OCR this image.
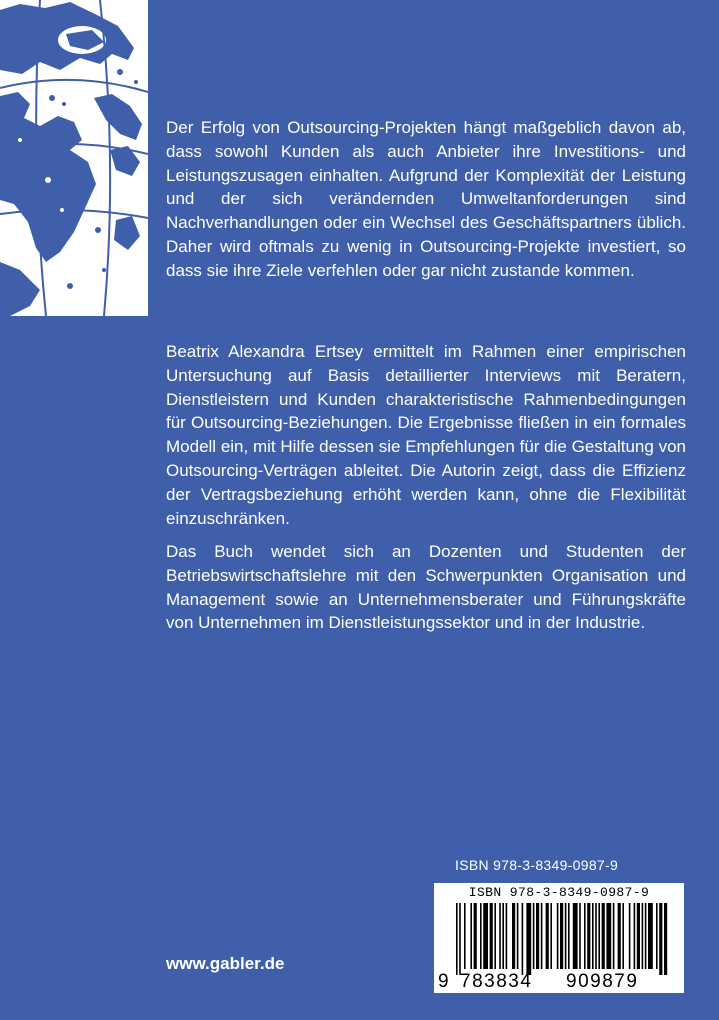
Der Erfolg von Outsourcing-Projekten hängt maßgeblich davon ab, dass sowohl Kunden als auch Anbieter ihre Investitions- und Leistungszusagen einhalten. Aufgrund der Komplexität der Leistung und der sich verändernden Umweltanforderungen sind Nachverhandlungen oder ein Wechsel des Geschäftspartners üblich. Daher wird oftmals zu wenig in Outsourcing-Projekte investiert, so dass sie ihre Ziele verfehlen oder gar nicht zustande kommen.

Beatrix Alexandra Ertsey ermittelt im Rahmen einer empirischen Untersuchung auf Basis detaillierter Interviews mit Beratern, Dienstleistern und Kunden charakteristische Rahmenbedingungen für Outsourcing-Beziehungen. Die Ergebnisse fließen in ein formales Modell ein, mit Hilfe dessen sie Empfehlungen für die Gestaltung von Outsourcing-Verträgen ableitet. Die Autorin zeigt, dass die Effizienz der Vertragsbeziehung erhöht werden kann, ohne die Flexibilität einzuschränken.

Das Buch wendet sich an Dozenten und Studenten der Betriebswirtschaftslehre mit den Schwerpunkten Organisation und Management sowie an Unternehmensberater und Führungskräfte von Unternehmen im Dienstleistungssektor und in der Industrie.

ISBN 978-3-8349-0987-9
ISBN 978-3-8349-0987-9
9 783834 909879
www.gabler.de
